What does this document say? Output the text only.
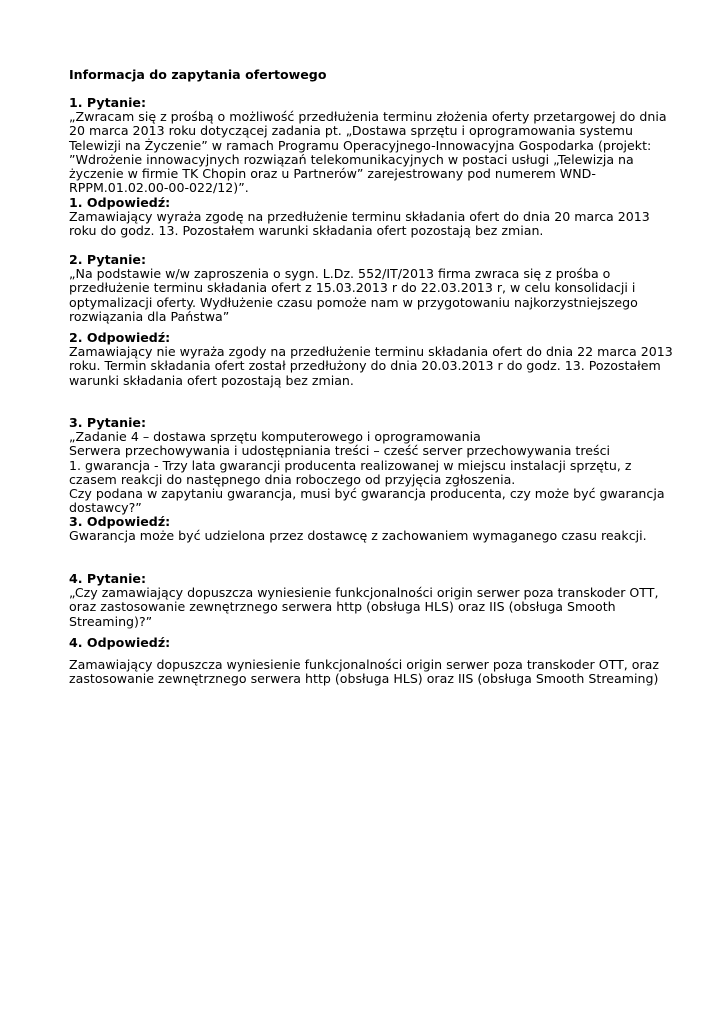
Informacja do zapytania ofertowego
1. Pytanie:
„Zwracam się z prośbą o możliwość przedłużenia terminu złożenia oferty przetargowej do dnia
20 marca 2013 roku dotyczącej zadania pt. „Dostawa sprzętu i oprogramowania systemu
Telewizji na Życzenie” w ramach Programu Operacyjnego-Innowacyjna Gospodarka (projekt:
”Wdrożenie innowacyjnych rozwiązań telekomunikacyjnych w postaci usługi „Telewizja na
życzenie w firmie TK Chopin oraz u Partnerów” zarejestrowany pod numerem WND-
RPPM.01.02.00-00-022/12)”.
1. Odpowiedź:
Zamawiający wyraża zgodę na przedłużenie terminu składania ofert do dnia 20 marca 2013
roku do godz. 13. Pozostałem warunki składania ofert pozostają bez zmian.
2. Pytanie:
„Na podstawie w/w zaproszenia o sygn. L.Dz. 552/IT/2013 firma zwraca się z prośba o
przedłużenie terminu składania ofert z 15.03.2013 r do 22.03.2013 r, w celu konsolidacji i
optymalizacji oferty. Wydłużenie czasu pomoże nam w przygotowaniu najkorzystniejszego
rozwiązania dla Państwa”
2. Odpowiedź:
Zamawiający nie wyraża zgody na przedłużenie terminu składania ofert do dnia 22 marca 2013
roku. Termin składania ofert został przedłużony do dnia 20.03.2013 r do godz. 13. Pozostałem
warunki składania ofert pozostają bez zmian.
3. Pytanie:
„Zadanie 4 – dostawa sprzętu komputerowego i oprogramowania
Serwera przechowywania i udostępniania treści – cześć server przechowywania treści
1. gwarancja - Trzy lata gwarancji producenta realizowanej w miejscu instalacji sprzętu, z
czasem reakcji do następnego dnia roboczego od przyjęcia zgłoszenia.
Czy podana w zapytaniu gwarancja, musi być gwarancja producenta, czy może być gwarancja
dostawcy?”
3. Odpowiedź:
Gwarancja może być udzielona przez dostawcę z zachowaniem wymaganego czasu reakcji.
4. Pytanie:
„Czy zamawiający dopuszcza wyniesienie funkcjonalności origin serwer poza transkoder OTT,
oraz zastosowanie zewnętrznego serwera http (obsługa HLS) oraz IIS (obsługa Smooth
Streaming)?”
4. Odpowiedź:
Zamawiający dopuszcza wyniesienie funkcjonalności origin serwer poza transkoder OTT, oraz
zastosowanie zewnętrznego serwera http (obsługa HLS) oraz IIS (obsługa Smooth Streaming)
